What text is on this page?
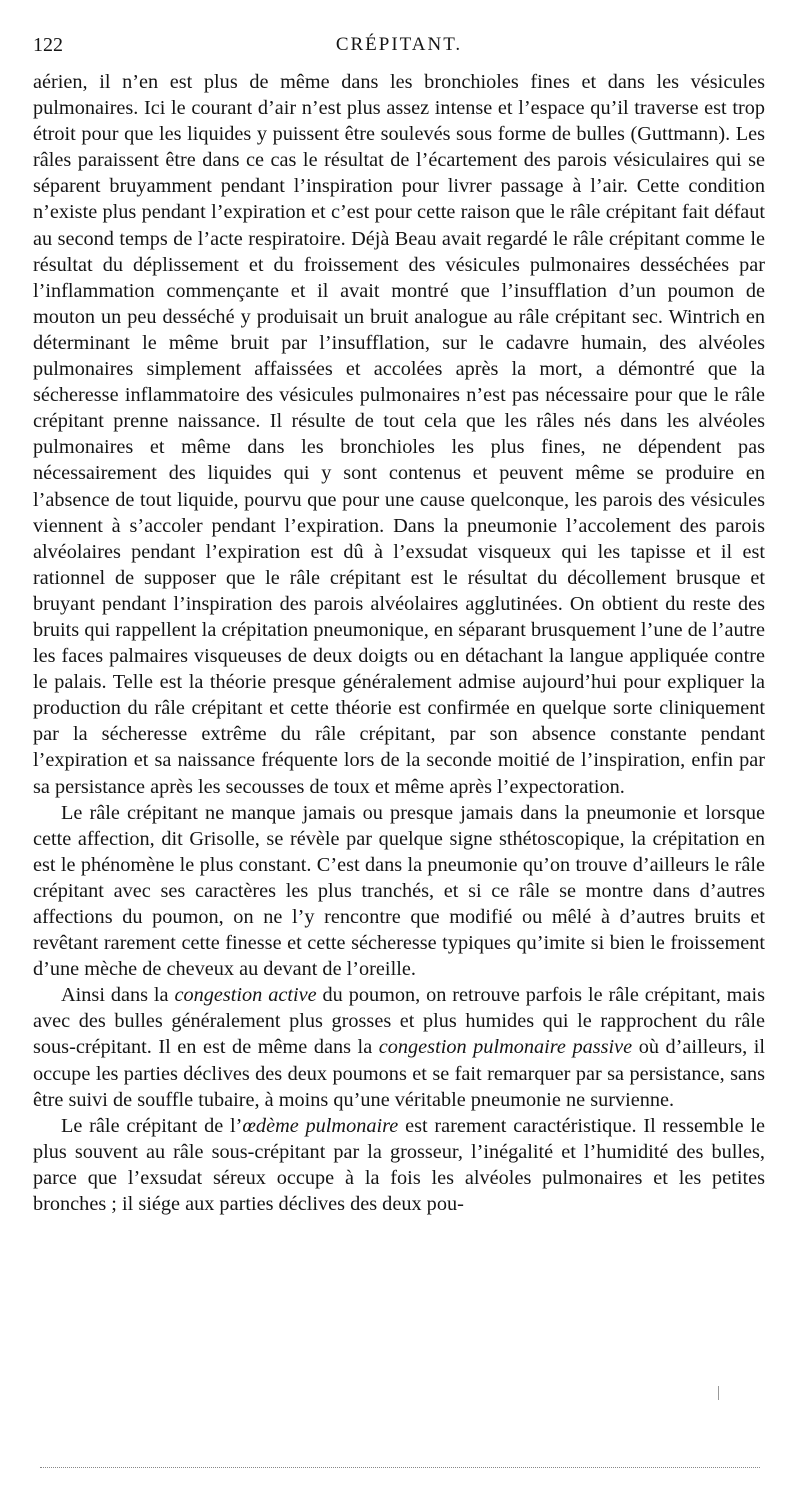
122	CRÉPITANT.

aérien, il n’en est plus de même dans les bronchioles fines et dans les vésicules pulmonaires. Ici le courant d’air n’est plus assez intense et l’espace qu’il traverse est trop étroit pour que les liquides y puissent être soulevés sous forme de bulles (Guttmann). Les râles paraissent être dans ce cas le résultat de l’écartement des parois vésiculaires qui se séparent bruyamment pendant l’inspiration pour livrer passage à l’air. Cette condition n’existe plus pendant l’expiration et c’est pour cette raison que le râle crépitant fait défaut au second temps de l’acte respiratoire. Déjà Beau avait regardé le râle crépitant comme le résultat du déplissement et du froissement des vésicules pulmonaires desséchées par l’inflammation commençante et il avait montré que l’insufflation d’un poumon de mouton un peu desséché y produisait un bruit analogue au râle crépitant sec. Wintrich en déterminant le même bruit par l’insufflation, sur le cadavre humain, des alvéoles pulmonaires simplement affaissées et accolées après la mort, a démontré que la sécheresse inflammatoire des vésicules pulmonaires n’est pas nécessaire pour que le râle crépitant prenne naissance. Il résulte de tout cela que les râles nés dans les alvéoles pulmonaires et même dans les bronchioles les plus fines, ne dépendent pas nécessairement des liquides qui y sont contenus et peuvent même se produire en l’absence de tout liquide, pourvu que pour une cause quelconque, les parois des vésicules viennent à s’accoler pendant l’expiration. Dans la pneumonie l’accolement des parois alvéolaires pendant l’expiration est dû à l’exsudat visqueux qui les tapisse et il est rationnel de supposer que le râle crépitant est le résultat du décollement brusque et bruyant pendant l’inspiration des parois alvéolaires agglutinées. On obtient du reste des bruits qui rappellent la crépitation pneumonique, en séparant brusquement l’une de l’autre les faces palmaires visqueuses de deux doigts ou en détachant la langue appliquée contre le palais. Telle est la théorie presque généralement admise aujourd’hui pour expliquer la production du râle crépitant et cette théorie est confirmée en quelque sorte cliniquement par la sécheresse extrême du râle crépitant, par son absence constante pendant l’expiration et sa naissance fréquente lors de la seconde moitié de l’inspiration, enfin par sa persistance après les secousses de toux et même après l’expectoration.

Le râle crépitant ne manque jamais ou presque jamais dans la pneumonie et lorsque cette affection, dit Grisolle, se révèle par quelque signe sthétoscopique, la crépitation en est le phénomène le plus constant. C’est dans la pneumonie qu’on trouve d’ailleurs le râle crépitant avec ses caractères les plus tranchés, et si ce râle se montre dans d’autres affections du poumon, on ne l’y rencontre que modifié ou mêlé à d’autres bruits et revêtant rarement cette finesse et cette sécheresse typiques qu’imite si bien le froissement d’une mèche de cheveux au devant de l’oreille.

Ainsi dans la congestion active du poumon, on retrouve parfois le râle crépitant, mais avec des bulles généralement plus grosses et plus humides qui le rapprochent du râle sous-crépitant. Il en est de même dans la congestion pulmonaire passive où d’ailleurs, il occupe les parties déclives des deux poumons et se fait remarquer par sa persistance, sans être suivi de souffle tubaire, à moins qu’une véritable pneumonie ne survienne.

Le râle crépitant de l’œdème pulmonaire est rarement caractéristique. Il ressemble le plus souvent au râle sous-crépitant par la grosseur, l’inégalité et l’humidité des bulles, parce que l’exsudat séreux occupe à la fois les alvéoles pulmonaires et les petites bronches ; il siége aux parties déclives des deux pou-
